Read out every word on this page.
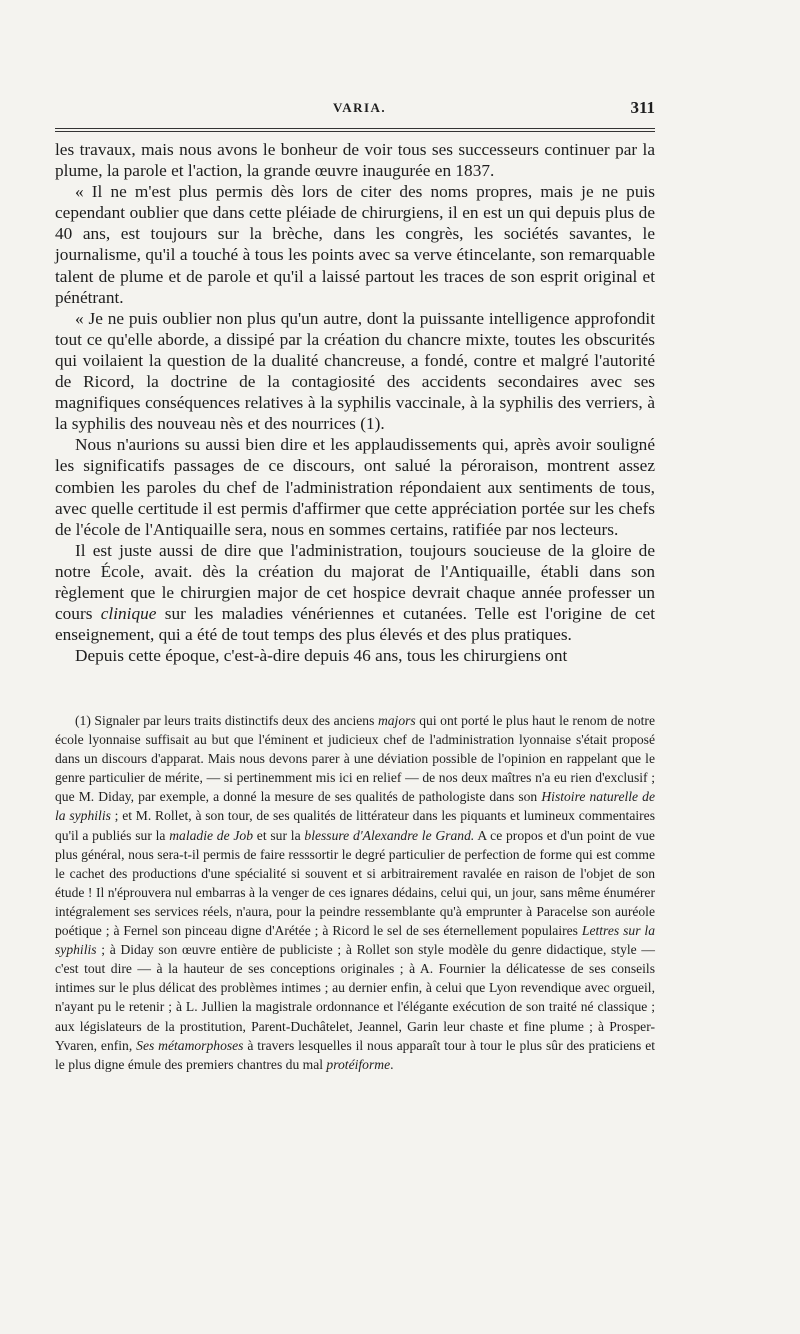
VARIA.	311

les travaux, mais nous avons le bonheur de voir tous ses successeurs continuer par la plume, la parole et l'action, la grande œuvre inaugurée en 1837.

« Il ne m'est plus permis dès lors de citer des noms propres, mais je ne puis cependant oublier que dans cette pléiade de chirurgiens, il en est un qui depuis plus de 40 ans, est toujours sur la brèche, dans les congrès, les sociétés savantes, le journalisme, qu'il a touché à tous les points avec sa verve étincelante, son remarquable talent de plume et de parole et qu'il a laissé partout les traces de son esprit original et pénétrant.

« Je ne puis oublier non plus qu'un autre, dont la puissante intelligence approfondit tout ce qu'elle aborde, a dissipé par la création du chancre mixte, toutes les obscurités qui voilaient la question de la dualité chancreuse, a fondé, contre et malgré l'autorité de Ricord, la doctrine de la contagiosité des accidents secondaires avec ses magnifiques conséquences relatives à la syphilis vaccinale, à la syphilis des verriers, à la syphilis des nouveau nès et des nourrices (1).

Nous n'aurions su aussi bien dire et les applaudissements qui, après avoir souligné les significatifs passages de ce discours, ont salué la péroraison, montrent assez combien les paroles du chef de l'administration répondaient aux sentiments de tous, avec quelle certitude il est permis d'affirmer que cette appréciation portée sur les chefs de l'école de l'Antiquaille sera, nous en sommes certains, ratifiée par nos lecteurs.

Il est juste aussi de dire que l'administration, toujours soucieuse de la gloire de notre École, avait. dès la création du majorat de l'Antiquaille, établi dans son règlement que le chirurgien major de cet hospice devrait chaque année professer un cours clinique sur les maladies vénériennes et cutanées. Telle est l'origine de cet enseignement, qui a été de tout temps des plus élevés et des plus pratiques.

Depuis cette époque, c'est-à-dire depuis 46 ans, tous les chirurgiens ont

(1) Signaler par leurs traits distinctifs deux des anciens majors qui ont porté le plus haut le renom de notre école lyonnaise suffisait au but que l'éminent et judicieux chef de l'administration lyonnaise s'était proposé dans un discours d'apparat. Mais nous devons parer à une déviation possible de l'opinion en rappelant que le genre particulier de mérite, — si pertinemment mis ici en relief — de nos deux maîtres n'a eu rien d'exclusif ; que M. Diday, par exemple, a donné la mesure de ses qualités de pathologiste dans son Histoire naturelle de la syphilis ; et M. Rollet, à son tour, de ses qualités de littérateur dans les piquants et lumineux commentaires qu'il a publiés sur la maladie de Job et sur la blessure d'Alexandre le Grand. A ce propos et d'un point de vue plus général, nous sera-t-il permis de faire resssortir le degré particulier de perfection de forme qui est comme le cachet des productions d'une spécialité si souvent et si arbitrairement ravalée en raison de l'objet de son étude ! Il n'éprouvera nul embarras à la venger de ces ignares dédains, celui qui, un jour, sans même énumérer intégralement ses services réels, n'aura, pour la peindre ressemblante qu'à emprunter à Paracelse son auréole poétique ; à Fernel son pinceau digne d'Arétée ; à Ricord le sel de ses éternellement populaires Lettres sur la syphilis ; à Diday son œuvre entière de publiciste ; à Rollet son style modèle du genre didactique, style — c'est tout dire — à la hauteur de ses conceptions originales ; à A. Fournier la délicatesse de ses conseils intimes sur le plus délicat des problèmes intimes ; au dernier enfin, à celui que Lyon revendique avec orgueil, n'ayant pu le retenir ; à L. Jullien la magistrale ordonnance et l'élégante exécution de son traité né classique ; aux législateurs de la prostitution, Parent-Duchâtelet, Jeannel, Garin leur chaste et fine plume ; à Prosper-Yvaren, enfin, Ses métamorphoses à travers lesquelles il nous apparaît tour à tour le plus sûr des praticiens et le plus digne émule des premiers chantres du mal protéiforme.
